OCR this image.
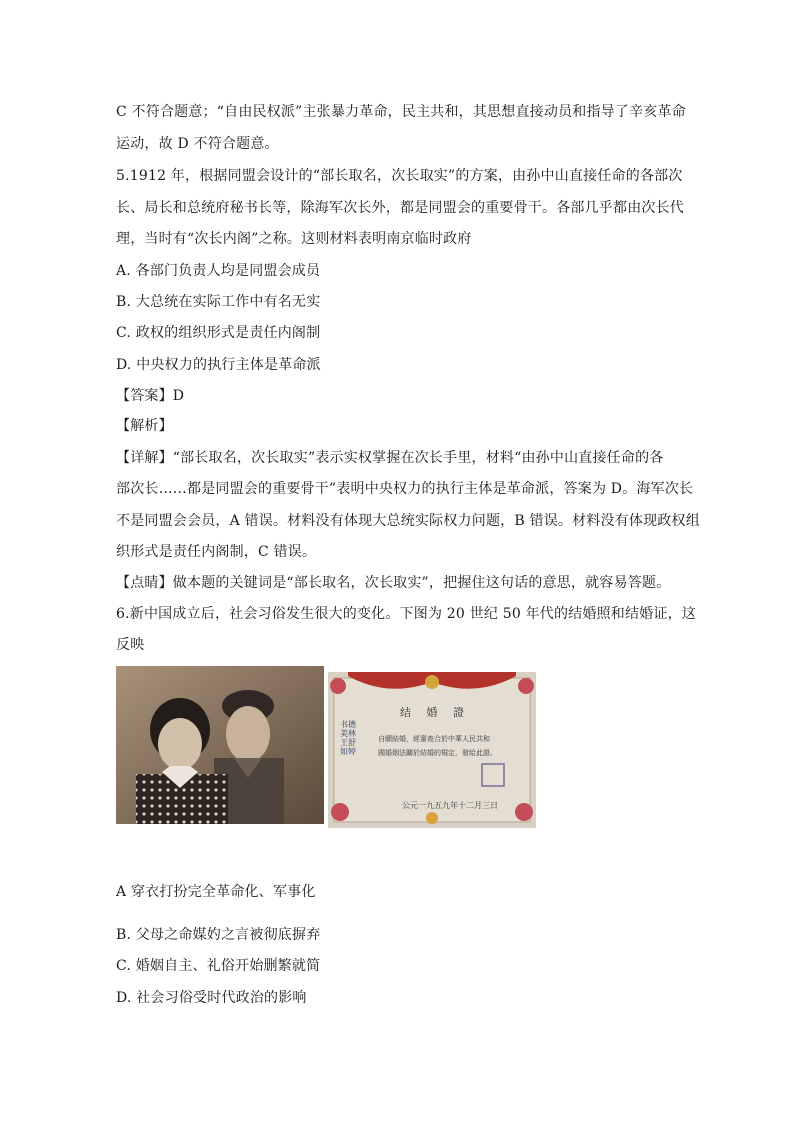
C 不符合题意；“自由民权派”主张暴力革命，民主共和，其思想直接动员和指导了辛亥革命
运动，故 D 不符合题意。
5.1912 年，根据同盟会设计的“部长取名，次长取实”的方案，由孙中山直接任命的各部次
长、局长和总统府秘书长等，除海军次长外，都是同盟会的重要骨干。各部几乎都由次长代
理，当时有“次长内阁”之称。这则材料表明南京临时政府
A. 各部门负责人均是同盟会成员
B. 大总统在实际工作中有名无实
C. 政权的组织形式是责任内阁制
D. 中央权力的执行主体是革命派
【答案】D
【解析】
【详解】“部长取名，次长取实”表示实权掌握在次长手里，材料“由孙中山直接任命的各
部次长……都是同盟会的重要骨干”表明中央权力的执行主体是革命派，答案为 D。海军次长
不是同盟会会员，A 错误。材料没有体现大总统实际权力问题，B 错误。材料没有体现政权组
织形式是责任内阁制，C 错误。
【点睛】做本题的关键词是“部长取名，次长取实”，把握住这句话的意思，就容易答题。
6.新中国成立后，社会习俗发生很大的变化。下图为 20 世纪 50 年代的结婚照和结婚证，这
反映
结 婚 證
书德美林 王舒如婷
自願結婚，經審查合於中華人民共和
國婚姻法關於結婚的規定，發給此證。
公元一九五九年十二月三日
A 穿衣打扮完全革命化、军事化
B. 父母之命媒妁之言被彻底摒弃
C. 婚姻自主、礼俗开始删繁就简
D. 社会习俗受时代政治的影响
